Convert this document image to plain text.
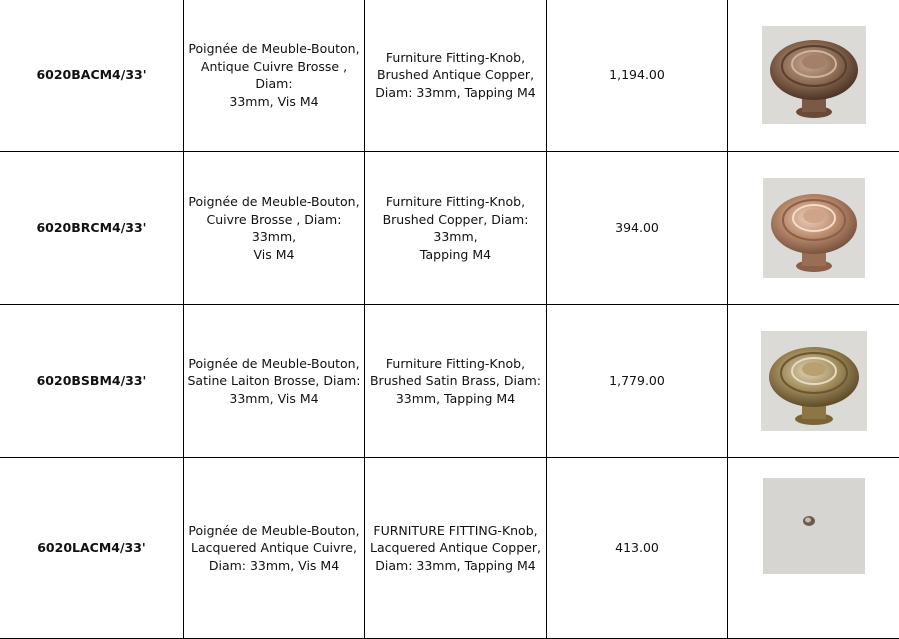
6020BACM4/33'	Poignée de Meuble-Bouton,
Antique Cuivre Brosse , Diam:
33mm, Vis M4	Furniture Fitting-Knob,
Brushed Antique Copper,
Diam: 33mm, Tapping M4	1,194.00	

6020BRCM4/33'	Poignée de Meuble-Bouton,
Cuivre Brosse , Diam: 33mm,
Vis M4	Furniture Fitting-Knob,
Brushed Copper, Diam: 33mm,
Tapping M4	394.00	

6020BSBM4/33'	Poignée de Meuble-Bouton,
Satine Laiton Brosse, Diam:
33mm, Vis M4	Furniture Fitting-Knob,
Brushed Satin Brass, Diam:
33mm, Tapping M4	1,779.00	

6020LACM4/33'	Poignée de Meuble-Bouton,
Lacquered Antique Cuivre,
Diam: 33mm, Vis M4	FURNITURE FITTING-Knob,
Lacquered Antique Copper,
Diam: 33mm, Tapping M4	413.00	
